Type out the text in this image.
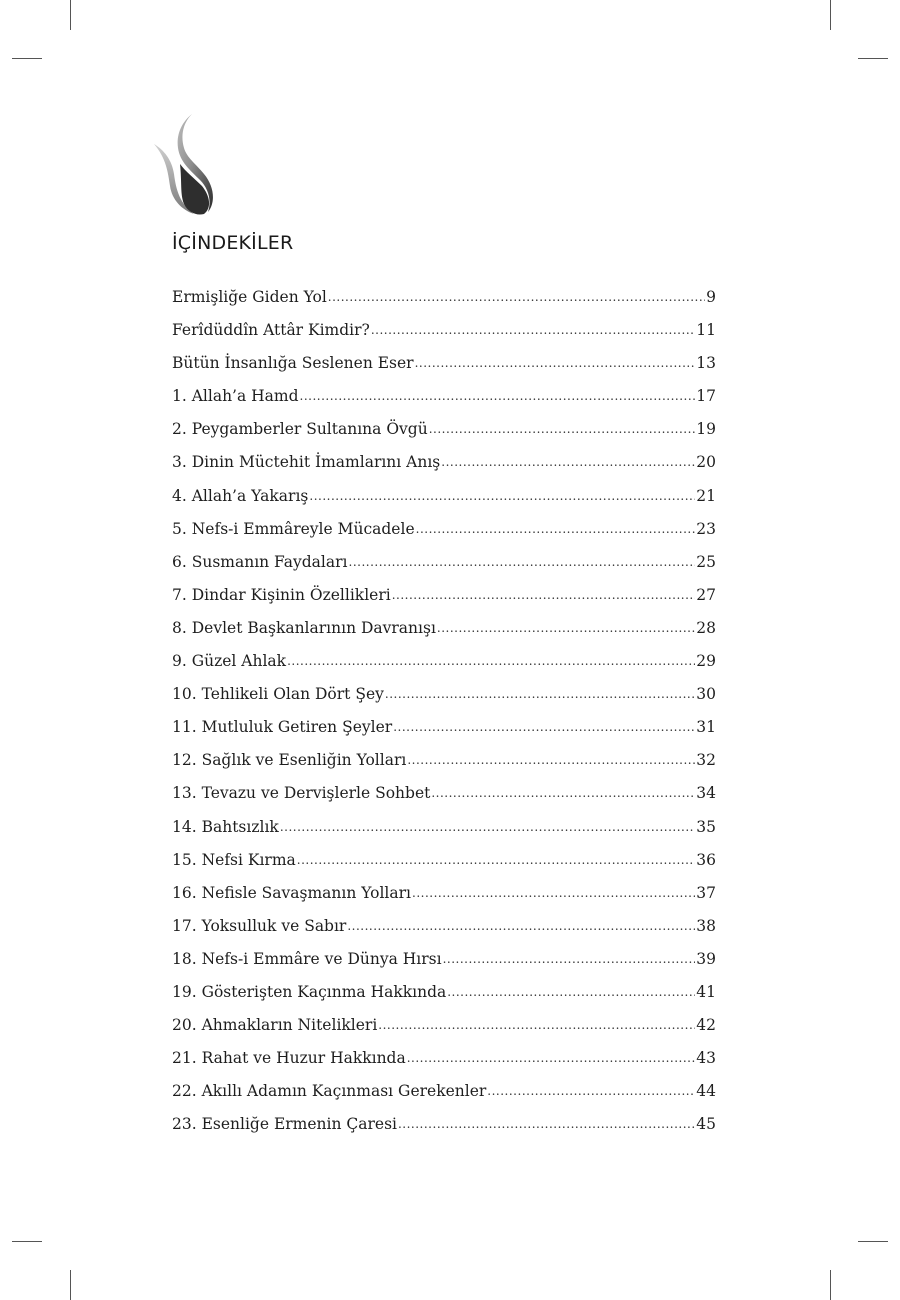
İÇİNDEKİLER
Ermişliğe Giden Yol .....	9
Ferîdüddîn Attâr Kimdir? .....	11
Bütün İnsanlığa Seslenen Eser .....	13
1. Allah’a Hamd .....	17
2. Peygamberler Sultanına Övgü .....	19
3. Dinin Müctehit İmamlarını Anış .....	20
4. Allah’a Yakarış .....	21
5. Nefs-i Emmâreyle Mücadele .....	23
6. Susmanın Faydaları .....	25
7. Dindar Kişinin Özellikleri .....	27
8. Devlet Başkanlarının Davranışı .....	28
9. Güzel Ahlak .....	29
10. Tehlikeli Olan Dört Şey .....	30
11. Mutluluk Getiren Şeyler .....	31
12. Sağlık ve Esenliğin Yolları .....	32
13. Tevazu ve Dervişlerle Sohbet .....	34
14. Bahtsızlık .....	35
15. Nefsi Kırma .....	36
16. Nefisle Savaşmanın Yolları .....	37
17. Yoksulluk ve Sabır .....	38
18. Nefs-i Emmâre ve Dünya Hırsı .....	39
19. Gösterişten Kaçınma Hakkında .....	41
20. Ahmakların Nitelikleri .....	42
21. Rahat ve Huzur Hakkında .....	43
22. Akıllı Adamın Kaçınması Gerekenler .....	44
23. Esenliğe Ermenin Çaresi .....	45
